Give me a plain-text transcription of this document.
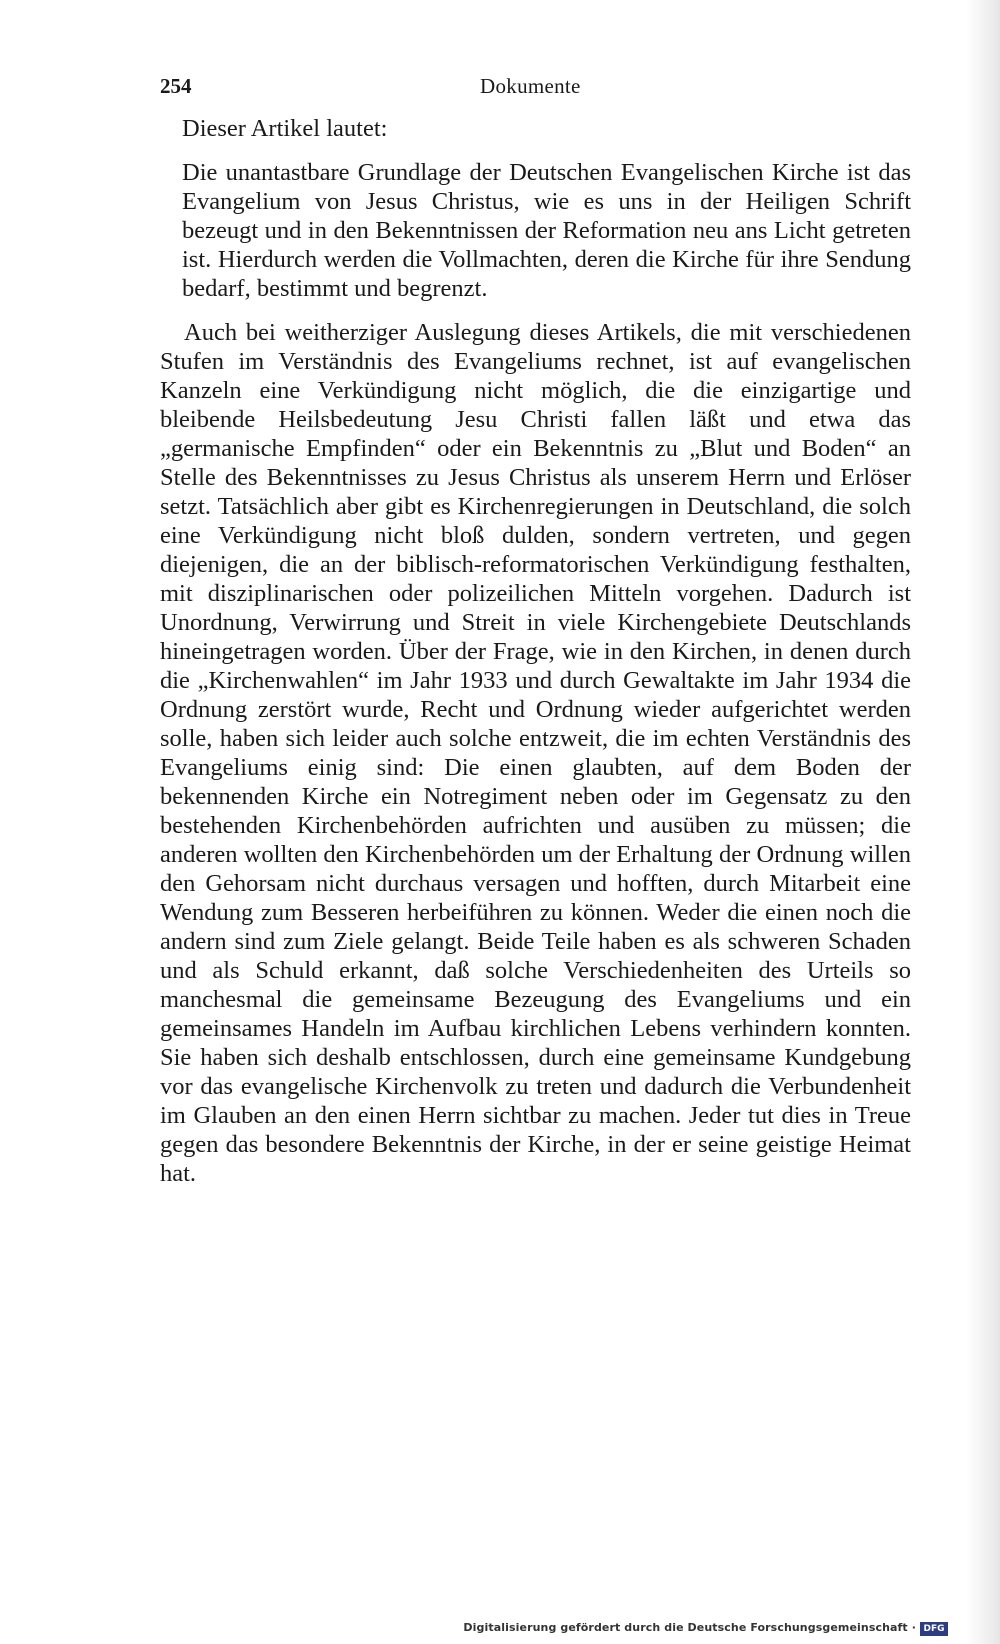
254	Dokumente

Dieser Artikel lautet:

Die unantastbare Grundlage der Deutschen Evangelischen Kirche ist das Evangelium von Jesus Christus, wie es uns in der Heiligen Schrift bezeugt und in den Bekenntnissen der Reformation neu ans Licht getreten ist. Hierdurch werden die Vollmachten, deren die Kirche für ihre Sendung bedarf, bestimmt und begrenzt.

Auch bei weitherziger Auslegung dieses Artikels, die mit verschiedenen Stufen im Verständnis des Evangeliums rechnet, ist auf evangelischen Kanzeln eine Verkündigung nicht möglich, die die einzigartige und bleibende Heilsbedeutung Jesu Christi fallen läßt und etwa das „germanische Empfinden“ oder ein Bekenntnis zu „Blut und Boden“ an Stelle des Bekenntnisses zu Jesus Christus als unserem Herrn und Erlöser setzt. Tatsächlich aber gibt es Kirchenregierungen in Deutschland, die solch eine Verkündigung nicht bloß dulden, sondern vertreten, und gegen diejenigen, die an der biblisch-reformatorischen Verkündigung festhalten, mit disziplinarischen oder polizeilichen Mitteln vorgehen. Dadurch ist Unordnung, Verwirrung und Streit in viele Kirchengebiete Deutschlands hineingetragen worden. Über der Frage, wie in den Kirchen, in denen durch die „Kirchenwahlen“ im Jahr 1933 und durch Gewaltakte im Jahr 1934 die Ordnung zerstört wurde, Recht und Ordnung wieder aufgerichtet werden solle, haben sich leider auch solche entzweit, die im echten Verständnis des Evangeliums einig sind: Die einen glaubten, auf dem Boden der bekennenden Kirche ein Notregiment neben oder im Gegensatz zu den bestehenden Kirchenbehörden aufrichten und ausüben zu müssen; die anderen wollten den Kirchenbehörden um der Erhaltung der Ordnung willen den Gehorsam nicht durchaus versagen und hofften, durch Mitarbeit eine Wendung zum Besseren herbeiführen zu können. Weder die einen noch die andern sind zum Ziele gelangt. Beide Teile haben es als schweren Schaden und als Schuld erkannt, daß solche Verschiedenheiten des Urteils so manchesmal die gemeinsame Bezeugung des Evangeliums und ein gemeinsames Handeln im Aufbau kirchlichen Lebens verhindern konnten. Sie haben sich deshalb entschlossen, durch eine gemeinsame Kundgebung vor das evangelische Kirchenvolk zu treten und dadurch die Verbundenheit im Glauben an den einen Herrn sichtbar zu machen. Jeder tut dies in Treue gegen das besondere Bekenntnis der Kirche, in der er seine geistige Heimat hat.

Digitalisierung gefördert durch die Deutsche Forschungsgemeinschaft · DFG
